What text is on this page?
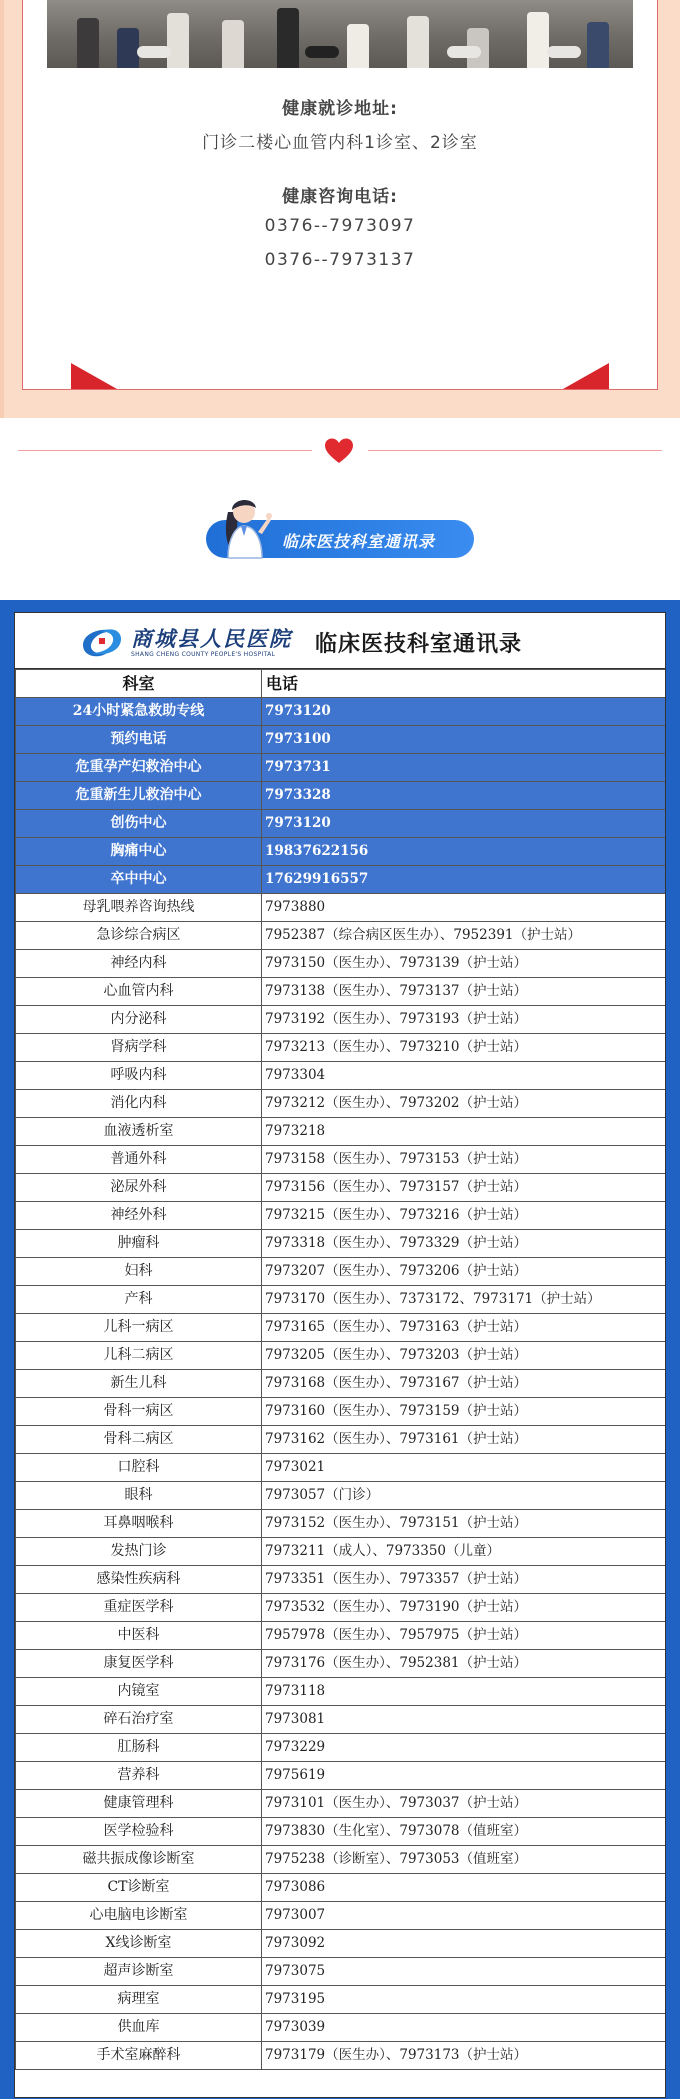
健康就诊地址:
门诊二楼心血管内科1诊室、2诊室
健康咨询电话:
0376--7973097
0376--7973137
临床医技科室通讯录
商城县人民医院
SHANG CHENG COUNTY PEOPLE'S HOSPITAL 临床医技科室通讯录
科室	电话
24小时紧急救助专线	7973120
预约电话	7973100
危重孕产妇救治中心	7973731
危重新生儿救治中心	7973328
创伤中心	7973120
胸痛中心	19837622156
卒中中心	17629916557
母乳喂养咨询热线	7973880
急诊综合病区	7952387（综合病区医生办）、7952391（护士站）
神经内科	7973150（医生办）、7973139（护士站）
心血管内科	7973138（医生办）、7973137（护士站）
内分泌科	7973192（医生办）、7973193（护士站）
肾病学科	7973213（医生办）、7973210（护士站）
呼吸内科	7973304
消化内科	7973212（医生办）、7973202（护士站）
血液透析室	7973218
普通外科	7973158（医生办）、7973153（护士站）
泌尿外科	7973156（医生办）、7973157（护士站）
神经外科	7973215（医生办）、7973216（护士站）
肿瘤科	7973318（医生办）、7973329（护士站）
妇科	7973207（医生办）、7973206（护士站）
产科	7973170（医生办）、7373172、7973171（护士站）
儿科一病区	7973165（医生办）、7973163（护士站）
儿科二病区	7973205（医生办）、7973203（护士站）
新生儿科	7973168（医生办）、7973167（护士站）
骨科一病区	7973160（医生办）、7973159（护士站）
骨科二病区	7973162（医生办）、7973161（护士站）
口腔科	7973021
眼科	7973057（门诊）
耳鼻咽喉科	7973152（医生办）、7973151（护士站）
发热门诊	7973211（成人）、7973350（儿童）
感染性疾病科	7973351（医生办）、7973357（护士站）
重症医学科	7973532（医生办）、7973190（护士站）
中医科	7957978（医生办）、7957975（护士站）
康复医学科	7973176（医生办）、7952381（护士站）
内镜室	7973118
碎石治疗室	7973081
肛肠科	7973229
营养科	7975619
健康管理科	7973101（医生办）、7973037（护士站）
医学检验科	7973830（生化室）、7973078（值班室）
磁共振成像诊断室	7975238（诊断室）、7973053（值班室）
CT诊断室	7973086
心电脑电诊断室	7973007
X线诊断室	7973092
超声诊断室	7973075
病理室	7973195
供血库	7973039
手术室麻醉科	7973179（医生办）、7973173（护士站）
